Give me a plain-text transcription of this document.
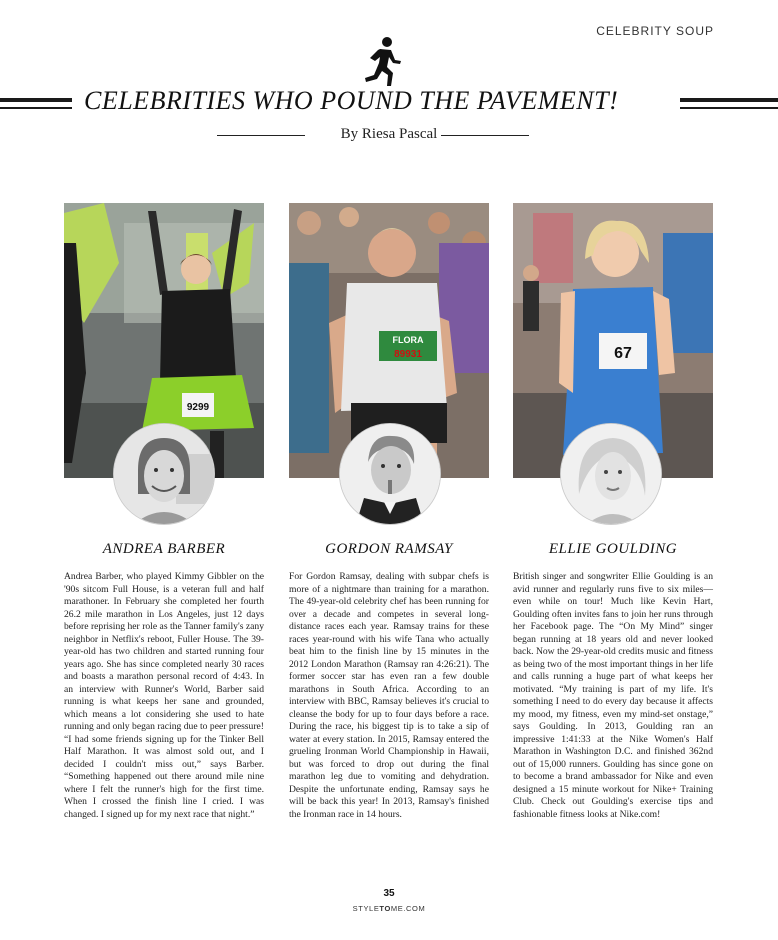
CELEBRITY SOUP
CELEBRITIES WHO POUND THE PAVEMENT!
By Riesa Pascal
9299
FLORA
89931	67
ANDREA BARBER	GORDON RAMSAY	ELLIE GOULDING
Andrea Barber, who played Kimmy Gibbler on the '90s sitcom Full House, is a veteran full and half marathoner. In February she completed her fourth 26.2 mile marathon in Los Angeles, just 12 days before reprising her role as the Tanner family's zany neighbor in Netflix's reboot, Fuller House. The 39-year-old has two children and started running four years ago. She has since completed nearly 30 races and boasts a marathon personal record of 4:43. In an interview with Runner's World, Barber said running is what keeps her sane and grounded, which means a lot considering she used to hate running and only began racing due to peer pressure! “I had some friends signing up for the Tinker Bell Half Marathon. It was almost sold out, and I decided I couldn't miss out,” says Barber. “Something happened out there around mile nine where I felt the runner's high for the first time. When I crossed the finish line I cried. I was changed. I signed up for my next race that night.”
For Gordon Ramsay, dealing with subpar chefs is more of a nightmare than training for a marathon. The 49-year-old celebrity chef has been running for over a decade and competes in several long-distance races each year. Ramsay trains for these races year-round with his wife Tana who actually beat him to the finish line by 15 minutes in the 2012 London Marathon (Ramsay ran 4:26:21). The former soccer star has even ran a few double marathons in South Africa. According to an interview with BBC, Ramsay believes it's crucial to cleanse the body for up to four days before a race. During the race, his biggest tip is to take a sip of water at every station. In 2015, Ramsay entered the grueling Ironman World Championship in Hawaii, but was forced to drop out during the final marathon leg due to vomiting and dehydration. Despite the unfortunate ending, Ramsay says he will be back this year! In 2013, Ramsay's finished the Ironman race in 14 hours.
British singer and songwriter Ellie Goulding is an avid runner and regularly runs five to six miles—even while on tour! Much like Kevin Hart, Goulding often invites fans to join her runs through her Facebook page. The “On My Mind” singer began running at 18 years old and never looked back. Now the 29-year-old credits music and fitness as being two of the most important things in her life and calls running a huge part of what keeps her motivated. “My training is part of my life. It's something I need to do every day because it affects my mood, my fitness, even my mind-set onstage,” says Goulding. In 2013, Goulding ran an impressive 1:41:33 at the Nike Women's Half Marathon in Washington D.C. and finished 362nd out of 15,000 runners. Goulding has since gone on to become a brand ambassador for Nike and even designed a 15 minute workout for Nike+ Training Club. Check out Goulding's exercise tips and fashionable fitness looks at Nike.com!
35
STYLETOME.COM
